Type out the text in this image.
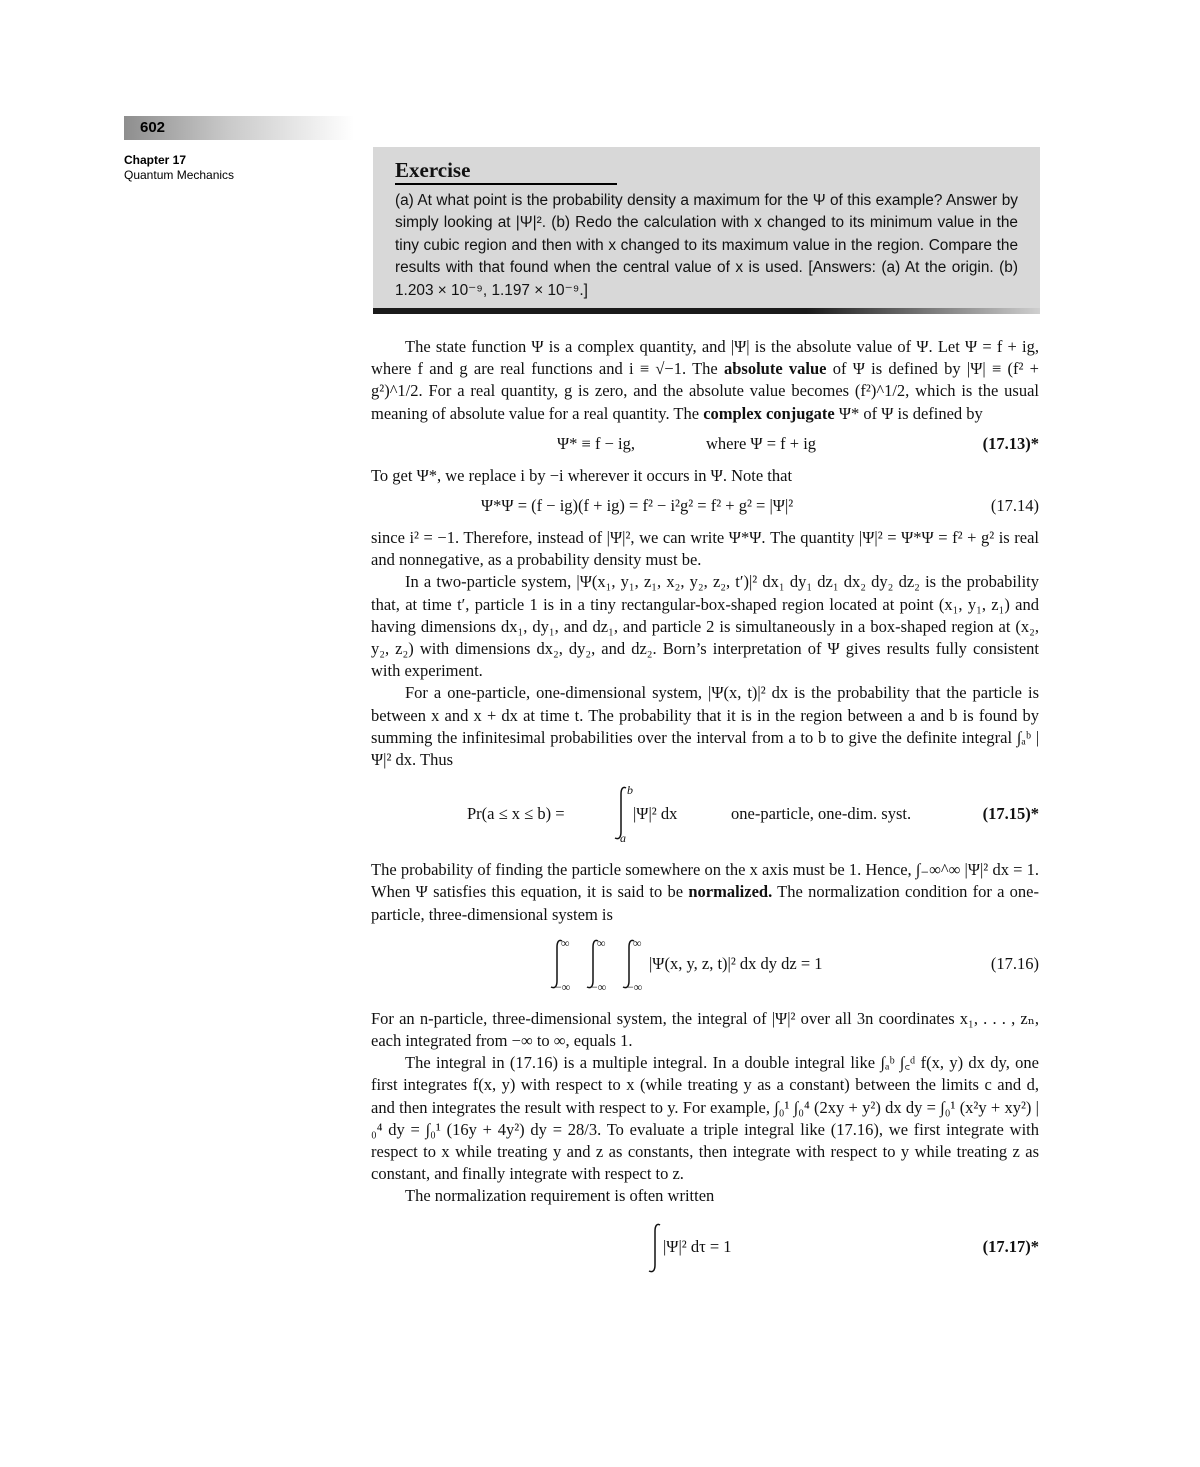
602
Chapter 17
Quantum Mechanics	Exercise
(a) At what point is the probability density a maximum for the Ψ of this example? Answer by simply looking at |Ψ|². (b) Redo the calculation with x changed to its minimum value in the tiny cubic region and then with x changed to its maximum value in the region. Compare the results with that found when the central value of x is used. [Answers: (a) At the origin. (b) 1.203 × 10⁻⁹, 1.197 × 10⁻⁹.]

The state function Ψ is a complex quantity, and |Ψ| is the absolute value of Ψ. Let Ψ = f + ig, where f and g are real functions and i ≡ √−1. The absolute value of Ψ is defined by |Ψ| ≡ (f² + g²)^1/2. For a real quantity, g is zero, and the absolute value becomes (f²)^1/2, which is the usual meaning of absolute value for a real quantity. The complex conjugate Ψ* of Ψ is defined by

Ψ* ≡ f − ig,	where Ψ = f + ig	(17.13)*

To get Ψ*, we replace i by −i wherever it occurs in Ψ. Note that

Ψ*Ψ = (f − ig)(f + ig) = f² − i²g² = f² + g² = |Ψ|²	(17.14)

since i² = −1. Therefore, instead of |Ψ|², we can write Ψ*Ψ. The quantity |Ψ|² = Ψ*Ψ = f² + g² is real and nonnegative, as a probability density must be.

In a two-particle system, |Ψ(x₁, y₁, z₁, x₂, y₂, z₂, t′)|² dx₁ dy₁ dz₁ dx₂ dy₂ dz₂ is the probability that, at time t′, particle 1 is in a tiny rectangular-box-shaped region located at point (x₁, y₁, z₁) and having dimensions dx₁, dy₁, and dz₁, and particle 2 is simultaneously in a box-shaped region at (x₂, y₂, z₂) with dimensions dx₂, dy₂, and dz₂. Born’s interpretation of Ψ gives results fully consistent with experiment.

For a one-particle, one-dimensional system, |Ψ(x, t)|² dx is the probability that the particle is between x and x + dx at time t. The probability that it is in the region between a and b is found by summing the infinitesimal probabilities over the interval from a to b to give the definite integral ∫ₐᵇ |Ψ|² dx. Thus

Pr(a ≤ x ≤ b) =
b
a
|Ψ|² dx	one-particle, one-dim. syst.	(17.15)*

The probability of finding the particle somewhere on the x axis must be 1. Hence, ∫₋∞^∞ |Ψ|² dx = 1. When Ψ satisfies this equation, it is said to be normalized. The normalization condition for a one-particle, three-dimensional system is

∞
−∞
∞
−∞
∞
−∞
|Ψ(x, y, z, t)|² dx dy dz = 1	(17.16)

For an n-particle, three-dimensional system, the integral of |Ψ|² over all 3n coordinates x₁, . . . , zₙ, each integrated from −∞ to ∞, equals 1.

The integral in (17.16) is a multiple integral. In a double integral like ∫ₐᵇ ∫꜀ᵈ f(x, y) dx dy, one first integrates f(x, y) with respect to x (while treating y as a constant) between the limits c and d, and then integrates the result with respect to y. For example, ∫₀¹ ∫₀⁴ (2xy + y²) dx dy = ∫₀¹ (x²y + xy²) |₀⁴ dy = ∫₀¹ (16y + 4y²) dy = 28/3. To evaluate a triple integral like (17.16), we first integrate with respect to x while treating y and z as constants, then integrate with respect to y while treating z as constant, and finally integrate with respect to z.

The normalization requirement is often written

|Ψ|² dτ = 1	(17.17)*
